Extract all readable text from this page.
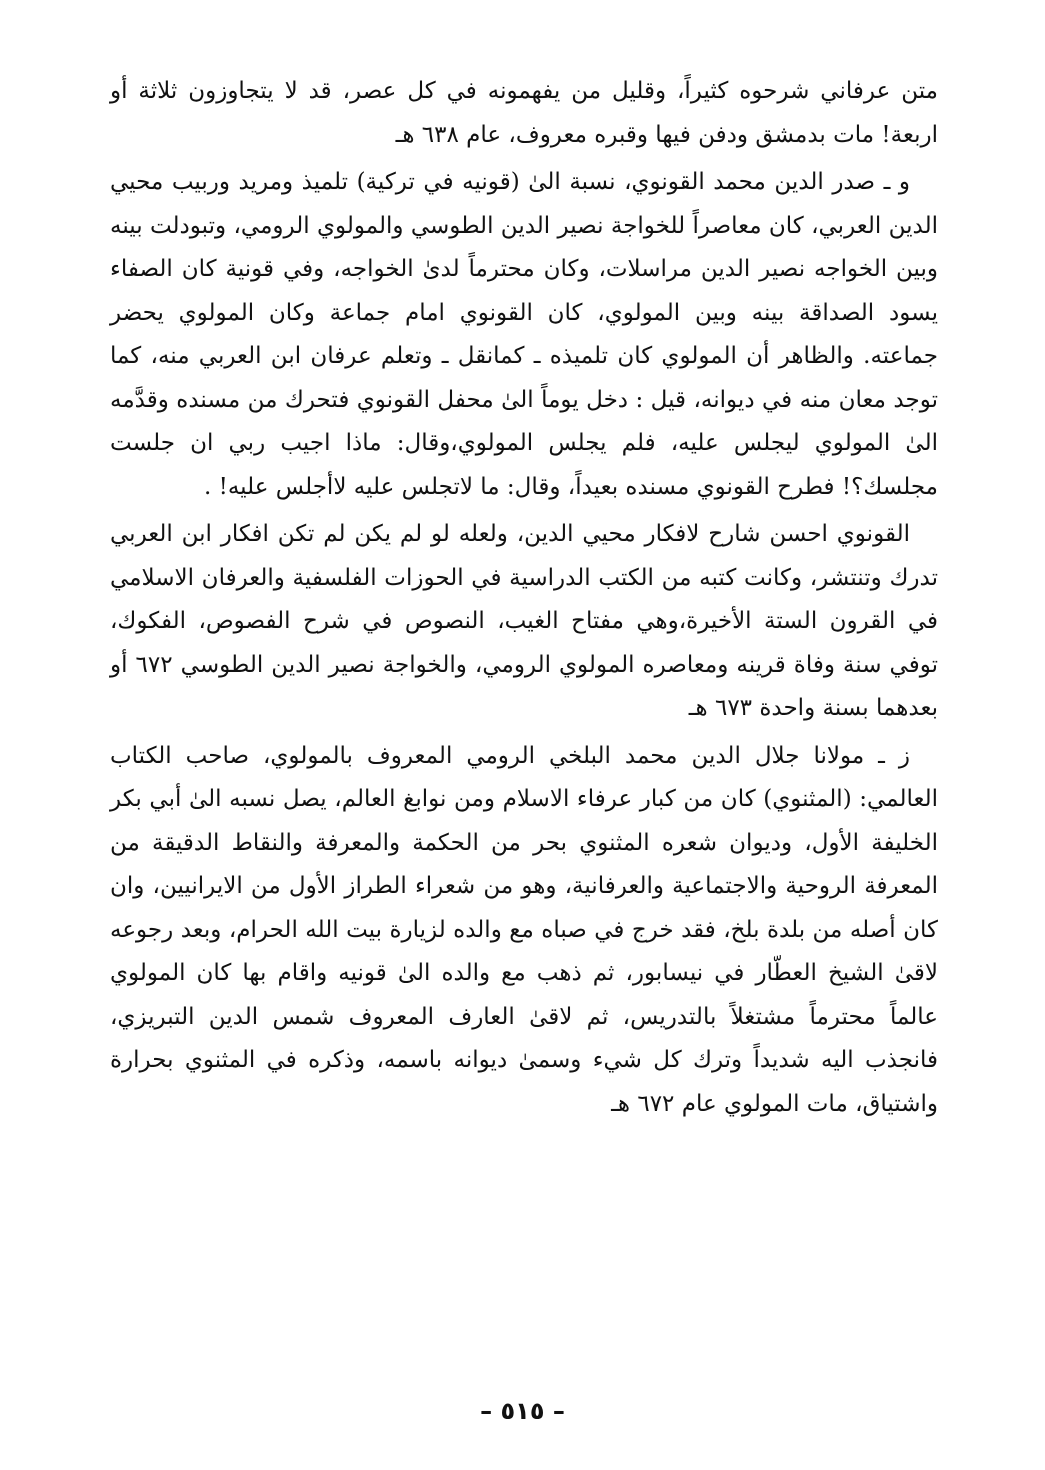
متن عرفاني شرحوه كثيراً، وقليل من يفهمونه في كل عصر، قد لا يتجاوزون ثلاثة أو اربعة! مات بدمشق ودفن فيها وقبره معروف، عام ٦٣٨ هـ

و ـ صدر الدين محمد القونوي، نسبة الىٰ (قونيه في تركية) تلميذ ومريد وربيب محيي الدين العربي، كان معاصراً للخواجة نصير الدين الطوسي والمولوي الرومي، وتبودلت بينه وبين الخواجه نصير الدين مراسلات، وكان محترماً لدىٰ الخواجه، وفي قونية كان الصفاء يسود الصداقة بينه وبين المولوي، كان القونوي امام جماعة وكان المولوي يحضر جماعته. والظاهر أن المولوي كان تلميذه ـ كمانقل ـ وتعلم عرفان ابن العربي منه، كما توجد معان منه في ديوانه، قيل : دخل يوماً الىٰ محفل القونوي فتحرك من مسنده وقدَّمه الىٰ المولوي ليجلس عليه، فلم يجلس المولوي،وقال: ماذا اجيب ربي ان جلست مجلسك؟! فطرح القونوي مسنده بعيداً، وقال: ما لاتجلس عليه لاأجلس عليه! .

القونوي احسن شارح لافكار محيي الدين، ولعله لو لم يكن لم تكن افكار ابن العربي تدرك وتنتشر، وكانت كتبه من الكتب الدراسية في الحوزات الفلسفية والعرفان الاسلامي في القرون الستة الأخيرة،وهي مفتاح الغيب، النصوص في شرح الفصوص، الفكوك، توفي سنة وفاة قرينه ومعاصره المولوي الرومي، والخواجة نصير الدين الطوسي ٦٧٢ أو بعدهما بسنة واحدة ٦٧٣ هـ

ز ـ مولانا جلال الدين محمد البلخي الرومي المعروف بالمولوي، صاحب الكتاب العالمي: (المثنوي) كان من كبار عرفاء الاسلام ومن نوابغ العالم، يصل نسبه الىٰ أبي بكر الخليفة الأول، وديوان شعره المثنوي بحر من الحكمة والمعرفة والنقاط الدقيقة من المعرفة الروحية والاجتماعية والعرفانية، وهو من شعراء الطراز الأول من الايرانيين، وان كان أصله من بلدة بلخ، فقد خرج في صباه مع والده لزيارة بيت الله الحرام، وبعد رجوعه لاقىٰ الشيخ العطّار في نيسابور، ثم ذهب مع والده الىٰ قونيه واقام بها كان المولوي عالماً محترماً مشتغلاً بالتدريس، ثم لاقىٰ العارف المعروف شمس الدين التبريزي، فانجذب اليه شديداً وترك كل شيء وسمىٰ ديوانه باسمه، وذكره في المثنوي بحرارة واشتياق، مات المولوي عام ٦٧٢ هـ

– ٥١٥ –
